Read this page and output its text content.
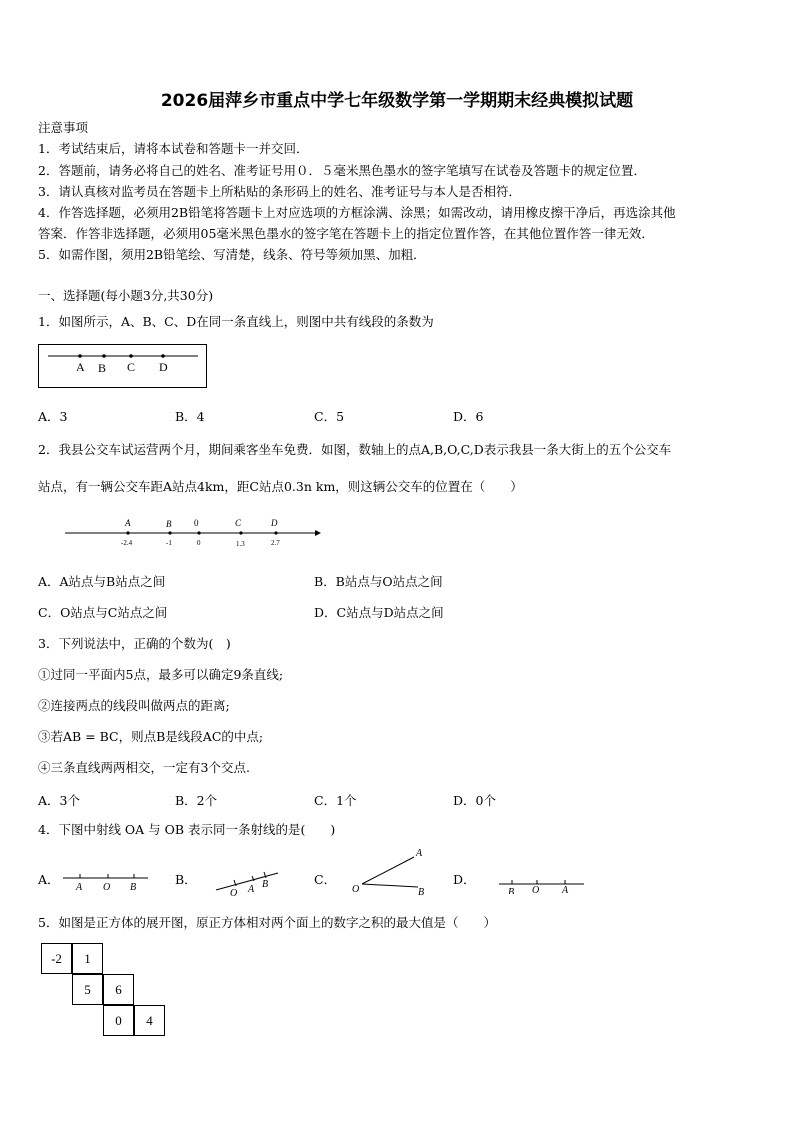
2026届萍乡市重点中学七年级数学第一学期期末经典模拟试题
注意事项
1．考试结束后，请将本试卷和答题卡一并交回．
2．答题前，请务必将自己的姓名、准考证号用０．５毫米黑色墨水的签字笔填写在试卷及答题卡的规定位置．
3．请认真核对监考员在答题卡上所粘贴的条形码上的姓名、准考证号与本人是否相符．
4．作答选择题，必须用2B铅笔将答题卡上对应选项的方框涂满、涂黑；如需改动，请用橡皮擦干净后，再选涂其他
答案．作答非选择题，必须用05毫米黑色墨水的签字笔在答题卡上的指定位置作答，在其他位置作答一律无效．
5．如需作图，须用2B铅笔绘、写清楚，线条、符号等须加黑、加粗．
一、选择题(每小题3分,共30分)
1．如图所示，A、B、C、D在同一条直线上，则图中共有线段的条数为
A B C D
A．3	B．4	C．5	D．6
2．我县公交车试运营两个月，期间乘客坐车免费．如图，数轴上的点A,B,O,C,D表示我县一条大街上的五个公交车
站点，有一辆公交车距A站点4km，距C站点0.3n km，则这辆公交车的位置在（　　）
A	B	0	C	D
-2.4	-1	0	1.3	2.7
A．A站点与B站点之间	B．B站点与O站点之间
C．O站点与C站点之间	D．C站点与D站点之间
3．下列说法中，正确的个数为(　)
①过同一平面内5点，最多可以确定9条直线;
②连接两点的线段叫做两点的距离;
③若AB = BC，则点B是线段AC的中点;
④三条直线两两相交，一定有3个交点.
A．3个	B．2个	C．1个	D．0个
4．下图中射线 OA 与 OB 表示同一条射线的是(　　)
A．	B．	C．	D．
A O B
O A B
A
O	B	B O A
5．如图是正方体的展开图，原正方体相对两个面上的数字之积的最大值是（　　）
-2	1
5	6
0	4
